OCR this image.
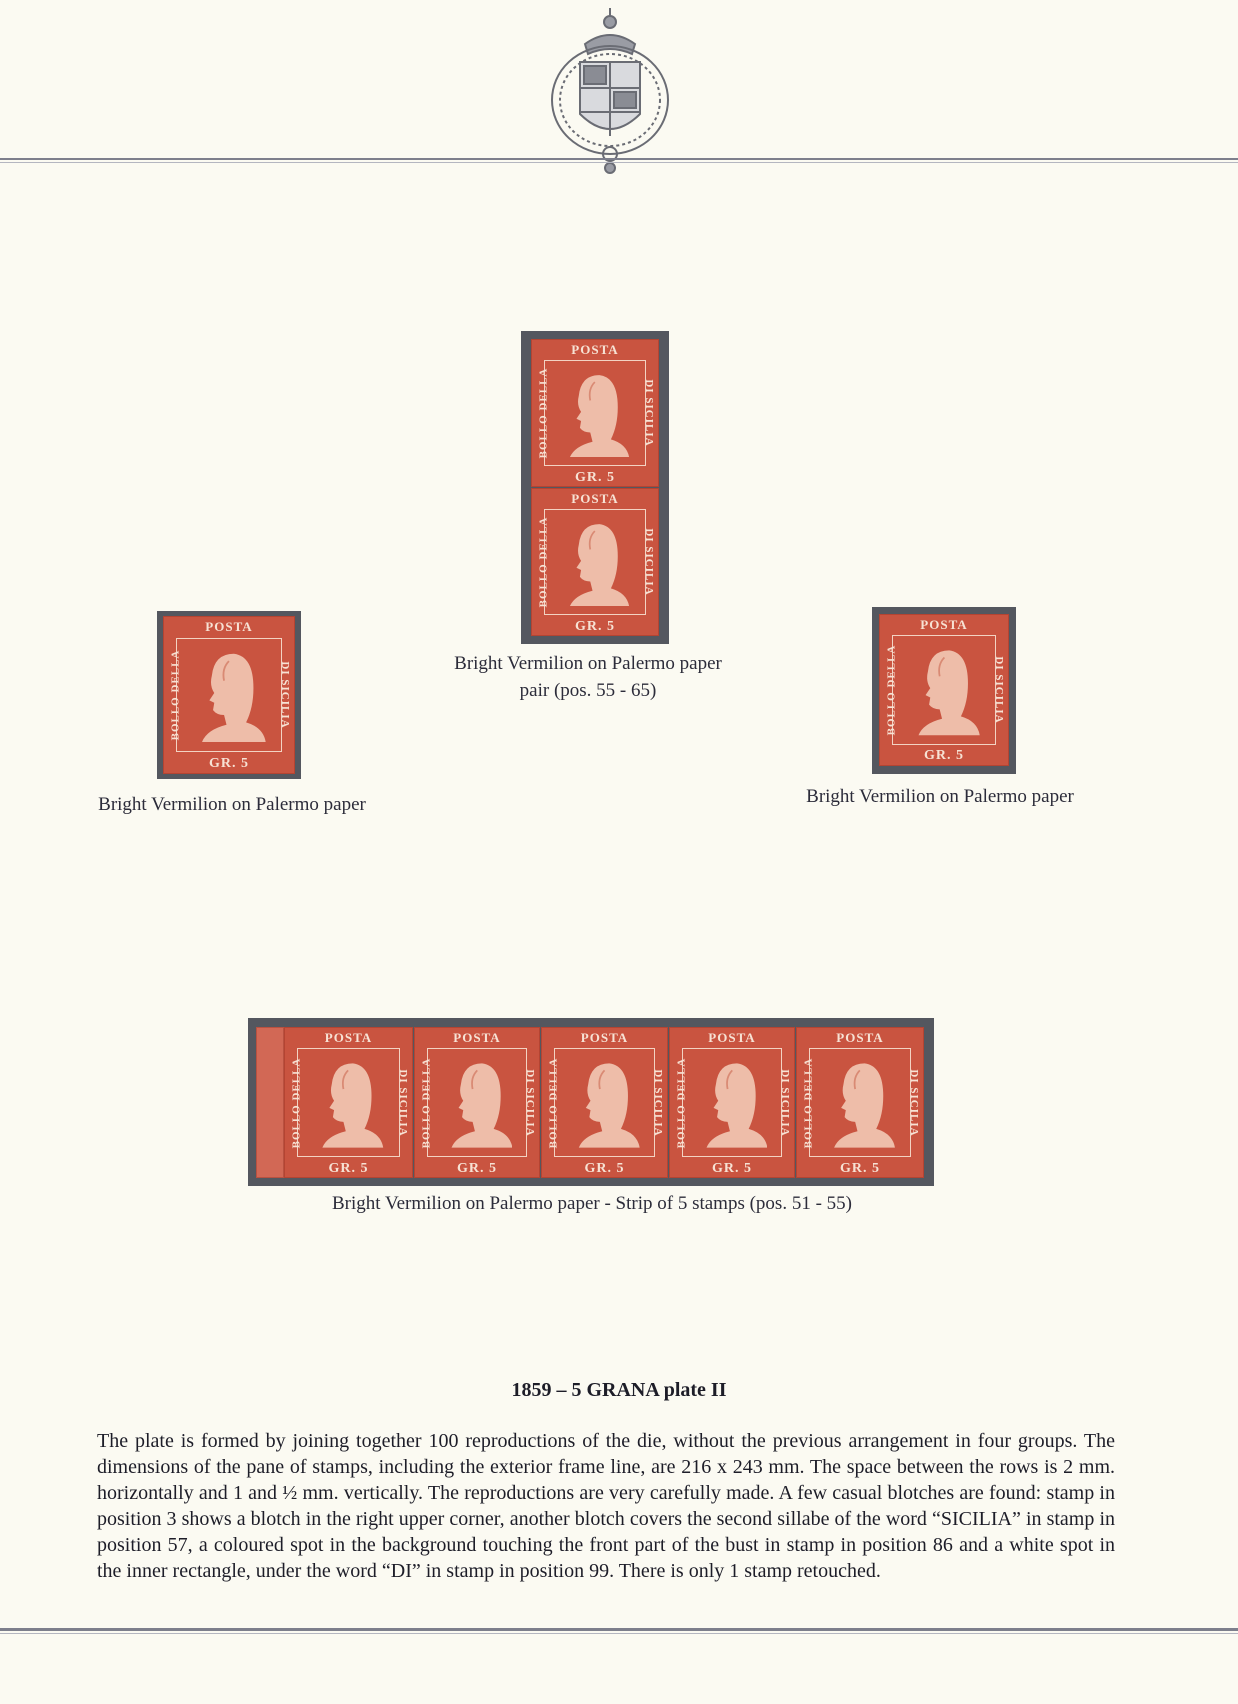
POSTA
GR. 5
BOLLO DELLA	DI SICILIA
POSTA
GR. 5
BOLLO DELLA	DI SICILIA
POSTA
GR. 5
BOLLO DELLA	DI SICILIA
POSTA
GR. 5
BOLLO DELLA	DI SICILIA
POSTA
GR. 5
BOLLO DELLA	DI SICILIA
POSTA
GR. 5
BOLLO DELLA	DI SICILIA
POSTA
GR. 5
BOLLO DELLA	DI SICILIA
POSTA
GR. 5
BOLLO DELLA	DI SICILIA
POSTA
GR. 5
BOLLO DELLA	DI SICILIA
Bright Vermilion on Palermo paper
Bright Vermilion on Palermo paper
pair (pos. 55 - 65)
Bright Vermilion on Palermo paper
Bright Vermilion on Palermo paper - Strip of 5 stamps (pos. 51 - 55)
1859 – 5 GRANA plate II
The plate is formed by joining together 100 reproductions of the die, without the previous arrangement in four groups. The dimensions of the pane of stamps, including the exterior frame line, are 216 x 243 mm. The space between the rows is 2 mm. horizontally and 1 and ½ mm. vertically. The reproductions are very carefully made. A few casual blotches are found: stamp in position 3 shows a blotch in the right upper corner, another blotch covers the second sillabe of the word “SICILIA” in stamp in position 57, a coloured spot in the background touching the front part of the bust in stamp in position 86 and a white spot in the inner rectangle, under the word “DI” in stamp in position 99. There is only 1 stamp retouched.
